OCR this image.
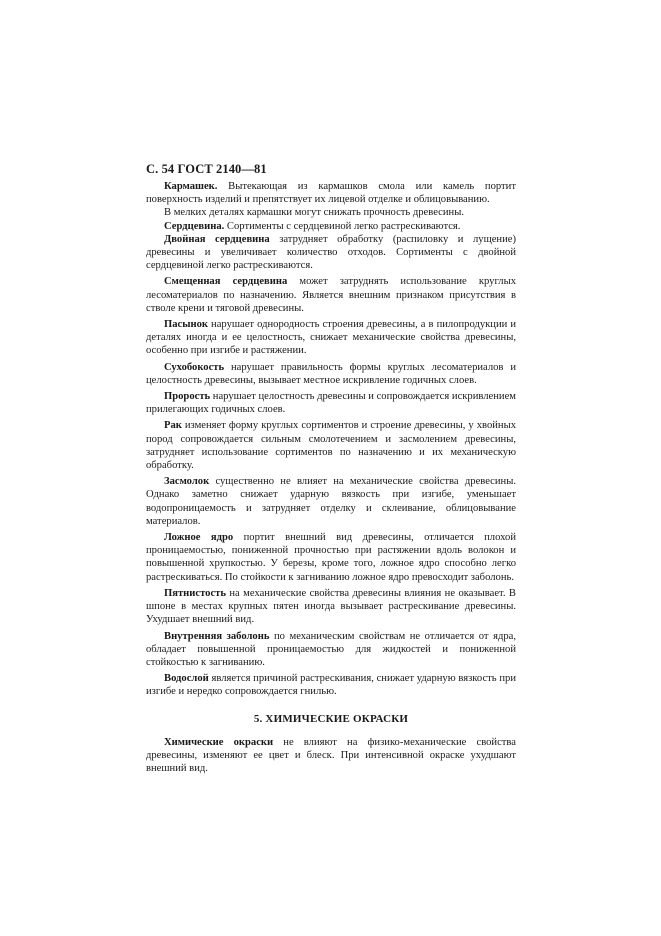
С. 54 ГОСТ 2140—81

Кармашек. Вытекающая из кармашков смола или камель портит поверхность изделий и препятствует их лицевой отделке и облицовыванию.

В мелких деталях кармашки могут снижать прочность древесины.

Сердцевина. Сортименты с сердцевиной легко растрескиваются.

Двойная сердцевина затрудняет обработку (распиловку и лущение) древесины и увеличивает количество отходов. Сортименты с двойной сердцевиной легко растрескиваются.

Смещенная сердцевина может затруднять использование круглых лесоматериалов по назначению. Является внешним признаком присутствия в стволе крени и тяговой древесины.

Пасынок нарушает однородность строения древесины, а в пилопродукции и деталях иногда и ее целостность, снижает механические свойства древесины, особенно при изгибе и растяжении.

Сухобокость нарушает правильность формы круглых лесоматериалов и целостность древесины, вызывает местное искривление годичных слоев.

Прорость нарушает целостность древесины и сопровождается искривлением прилегающих годичных слоев.

Рак изменяет форму круглых сортиментов и строение древесины, у хвойных пород сопровождается сильным смолотечением и засмолением древесины, затрудняет использование сортиментов по назначению и их механическую обработку.

Засмолок существенно не влияет на механические свойства древесины. Однако заметно снижает ударную вязкость при изгибе, уменьшает водопроницаемость и затрудняет отделку и склеивание, облицовывание материалов.

Ложное ядро портит внешний вид древесины, отличается плохой проницаемостью, пониженной прочностью при растяжении вдоль волокон и повышенной хрупкостью. У березы, кроме того, ложное ядро способно легко растрескиваться. По стойкости к загниванию ложное ядро превосходит заболонь.

Пятнистость на механические свойства древесины влияния не оказывает. В шпоне в местах крупных пятен иногда вызывает растрескивание древесины. Ухудшает внешний вид.

Внутренняя заболонь по механическим свойствам не отличается от ядра, обладает повышенной проницаемостью для жидкостей и пониженной стойкостью к загниванию.

Водослой является причиной растрескивания, снижает ударную вязкость при изгибе и нередко сопровождается гнилью.

5. ХИМИЧЕСКИЕ ОКРАСКИ

Химические окраски не влияют на физико-механические свойства древесины, изменяют ее цвет и блеск. При интенсивной окраске ухудшают внешний вид.
